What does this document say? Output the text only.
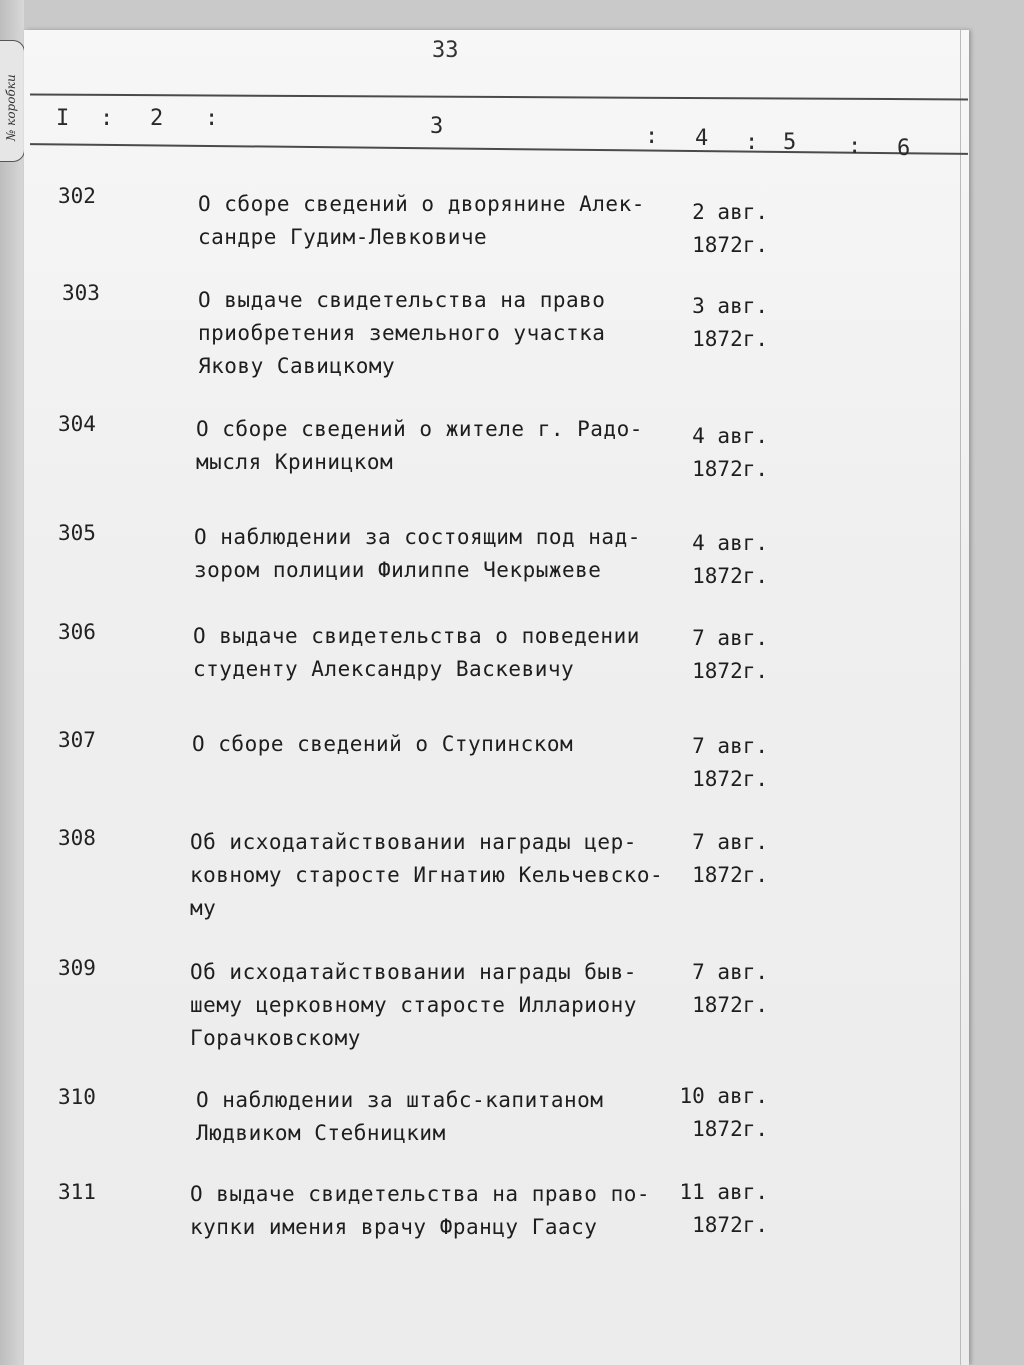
№ коробки
33
I : 2 :	3	: 4 : 5 : 6
302	О сборе сведений о дворянине Алек-
сандре Гудим-Левковиче
2 авг.
1872г.
303	О выдаче свидетельства на право
приобретения земельного участка
Якову Савицкому
3 авг.
1872г.
304	О сборе сведений о жителе г. Радо-
мысля Криницком
4 авг.
1872г.
305	О наблюдении за состоящим под над-
зором полиции Филиппе Чекрыжеве
4 авг.
1872г.
306	О выдаче свидетельства о поведении
студенту Александру Васкевичу
7 авг.
1872г.
307	О сборе сведений о Ступинском	7 авг.
1872г.
308	Об исходатайствовании награды цер-
ковному старосте Игнатию Кельчевско-
му
7 авг.
1872г.
309	Об исходатайствовании награды быв-
шему церковному старосте Иллариону
Горачковскому
7 авг.
1872г.
310	О наблюдении за штабс-капитаном
Людвиком Стебницким
10 авг.
1872г.
311	О выдаче свидетельства на право по-
купки имения врачу Францу Гаасу
11 авг.
1872г.
